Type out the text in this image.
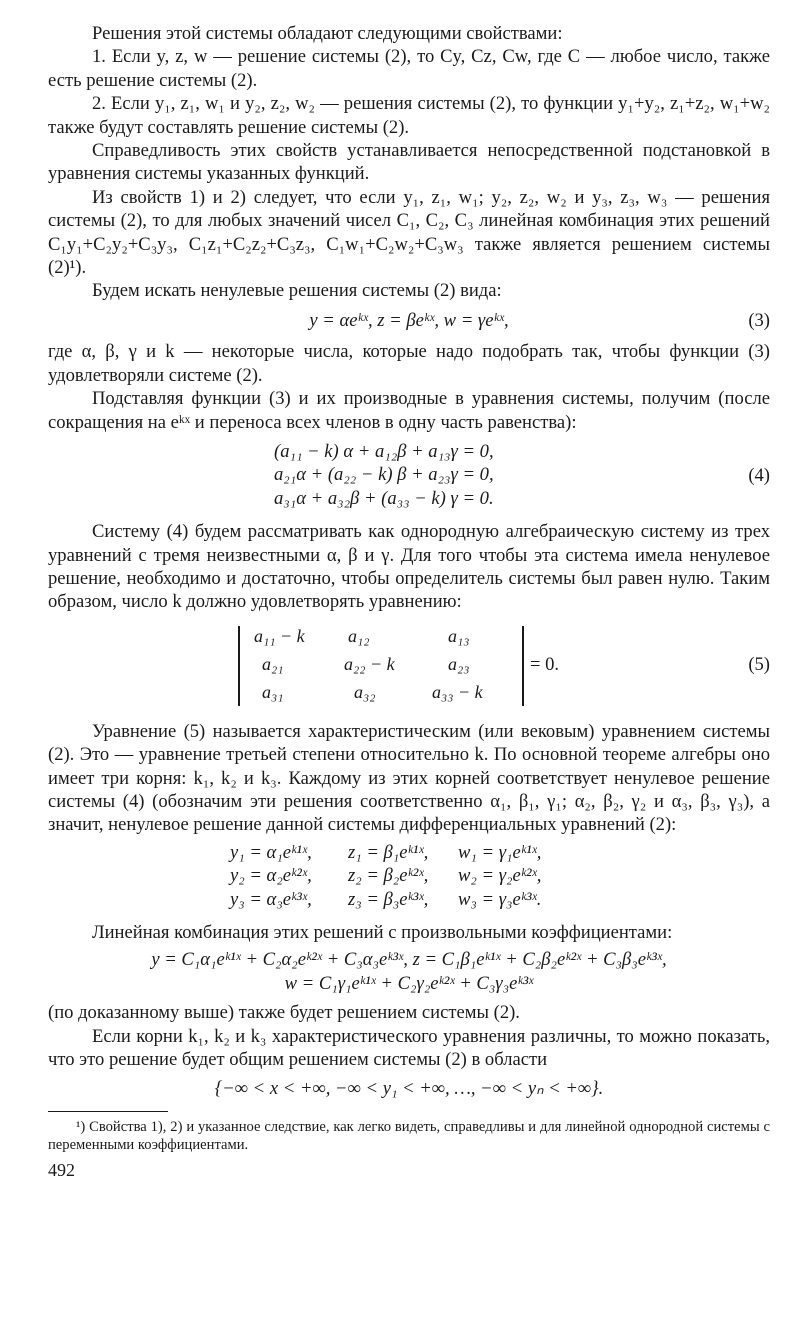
Решения этой системы обладают следующими свойствами:

1. Если y, z, w — решение системы (2), то Cy, Cz, Cw, где C — любое число, также есть решение системы (2).

2. Если y₁, z₁, w₁ и y₂, z₂, w₂ — решения системы (2), то функции y₁+y₂, z₁+z₂, w₁+w₂ также будут составлять решение системы (2).

Справедливость этих свойств устанавливается непосредственной подстановкой в уравнения системы указанных функций.

Из свойств 1) и 2) следует, что если y₁, z₁, w₁; y₂, z₂, w₂ и y₃, z₃, w₃ — решения системы (2), то для любых значений чисел C₁, C₂, C₃ линейная комбинация этих решений C₁y₁+C₂y₂+C₃y₃, C₁z₁+C₂z₂+C₃z₃, C₁w₁+C₂w₂+C₃w₃ также является решением системы (2)¹).

Будем искать ненулевые решения системы (2) вида:

y = αeᵏˣ, z = βeᵏˣ, w = γeᵏˣ,	(3)

где α, β, γ и k — некоторые числа, которые надо подобрать так, чтобы функции (3) удовлетворяли системе (2).

Подставляя функции (3) и их производные в уравнения системы, получим (после сокращения на eᵏˣ и переноса всех членов в одну часть равенства):

(a₁₁ − k) α + a₁₂β + a₁₃γ = 0,
a₂₁α + (a₂₂ − k) β + a₂₃γ = 0,
a₃₁α + a₃₂β + (a₃₃ − k) γ = 0.
(4)

Систему (4) будем рассматривать как однородную алгебраическую систему из трех уравнений с тремя неизвестными α, β и γ. Для того чтобы эта система имела ненулевое решение, необходимо и достаточно, чтобы определитель системы был равен нулю. Таким образом, число k должно удовлетворять уравнению:

a₁₁ − k a₁₂	a₁₃
a₂₁	a₂₂ − k	a₂₃
a₃₁	a₃₂	a₃₃ − k
= 0.	(5)

Уравнение (5) называется характеристическим (или вековым) уравнением системы (2). Это — уравнение третьей степени относительно k. По основной теореме алгебры оно имеет три корня: k₁, k₂ и k₃. Каждому из этих корней соответствует ненулевое решение системы (4) (обозначим эти решения соответственно α₁, β₁, γ₁; α₂, β₂, γ₂ и α₃, β₃, γ₃), а значит, ненулевое решение данной системы дифференциальных уравнений (2):

y₁ = α₁eᵏ¹ˣ, z₁ = β₁eᵏ¹ˣ, w₁ = γ₁eᵏ¹ˣ,
y₂ = α₂eᵏ²ˣ, z₂ = β₂eᵏ²ˣ, w₂ = γ₂eᵏ²ˣ,
y₃ = α₃eᵏ³ˣ, z₃ = β₃eᵏ³ˣ, w₃ = γ₃eᵏ³ˣ.

Линейная комбинация этих решений с произвольными коэффициентами:

y = C₁α₁eᵏ¹ˣ + C₂α₂eᵏ²ˣ + C₃α₃eᵏ³ˣ, z = C₁β₁eᵏ¹ˣ + C₂β₂eᵏ²ˣ + C₃β₃eᵏ³ˣ,
w = C₁γ₁eᵏ¹ˣ + C₂γ₂eᵏ²ˣ + C₃γ₃eᵏ³ˣ

(по доказанному выше) также будет решением системы (2).

Если корни k₁, k₂ и k₃ характеристического уравнения различны, то можно показать, что это решение будет общим решением системы (2) в области

{−∞ < x < +∞, −∞ < y₁ < +∞, …, −∞ < yₙ < +∞}.

¹) Свойства 1), 2) и указанное следствие, как легко видеть, справедливы и для линейной однородной системы с переменными коэффициентами.

492
